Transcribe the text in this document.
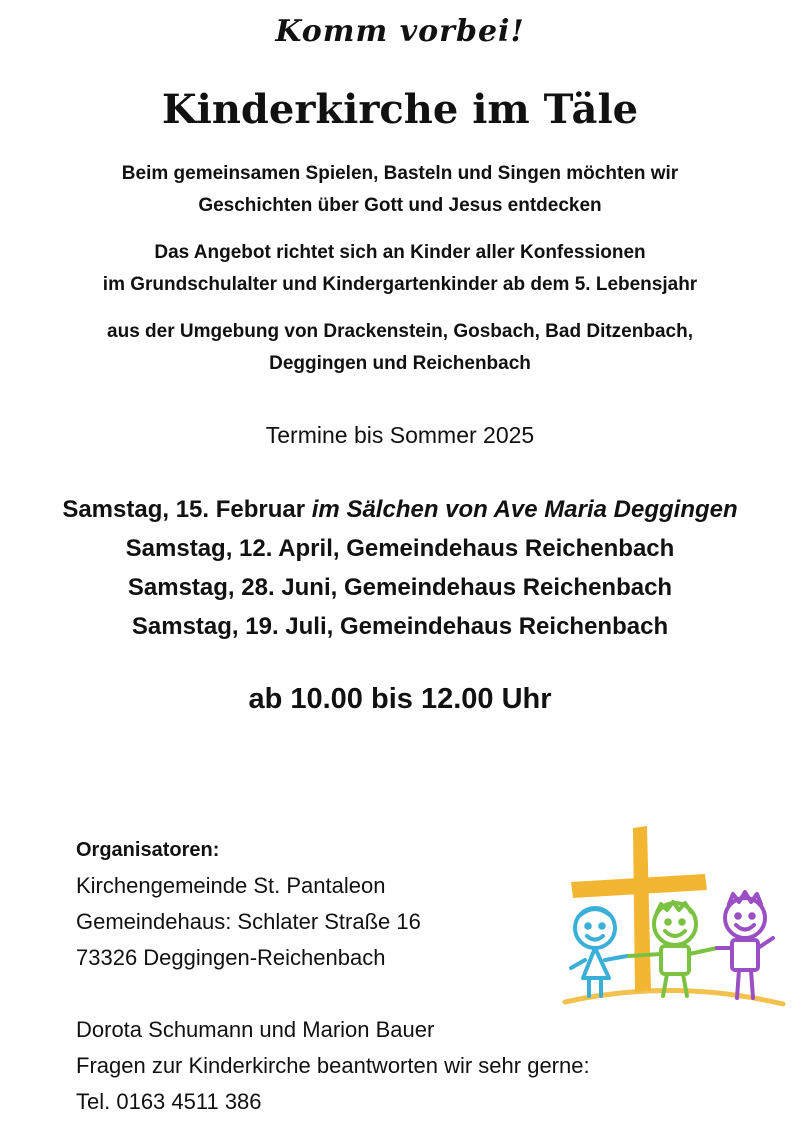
Komm vorbei!
Kinderkirche im Täle
Beim gemeinsamen Spielen, Basteln und Singen möchten wir
Geschichten über Gott und Jesus entdecken
Das Angebot richtet sich an Kinder aller Konfessionen
im Grundschulalter und Kindergartenkinder ab dem 5. Lebensjahr
aus der Umgebung von Drackenstein, Gosbach, Bad Ditzenbach,
Deggingen und Reichenbach
Termine bis Sommer 2025
Samstag, 15. Februar im Sälchen von Ave Maria Deggingen
Samstag, 12. April, Gemeindehaus Reichenbach
Samstag, 28. Juni, Gemeindehaus Reichenbach
Samstag, 19. Juli, Gemeindehaus Reichenbach
ab 10.00 bis 12.00 Uhr
Organisatoren:
Kirchengemeinde St. Pantaleon
Gemeindehaus: Schlater Straße 16
73326 Deggingen-Reichenbach
Dorota Schumann und Marion Bauer
Fragen zur Kinderkirche beantworten wir sehr gerne:
Tel. 0163 4511 386
